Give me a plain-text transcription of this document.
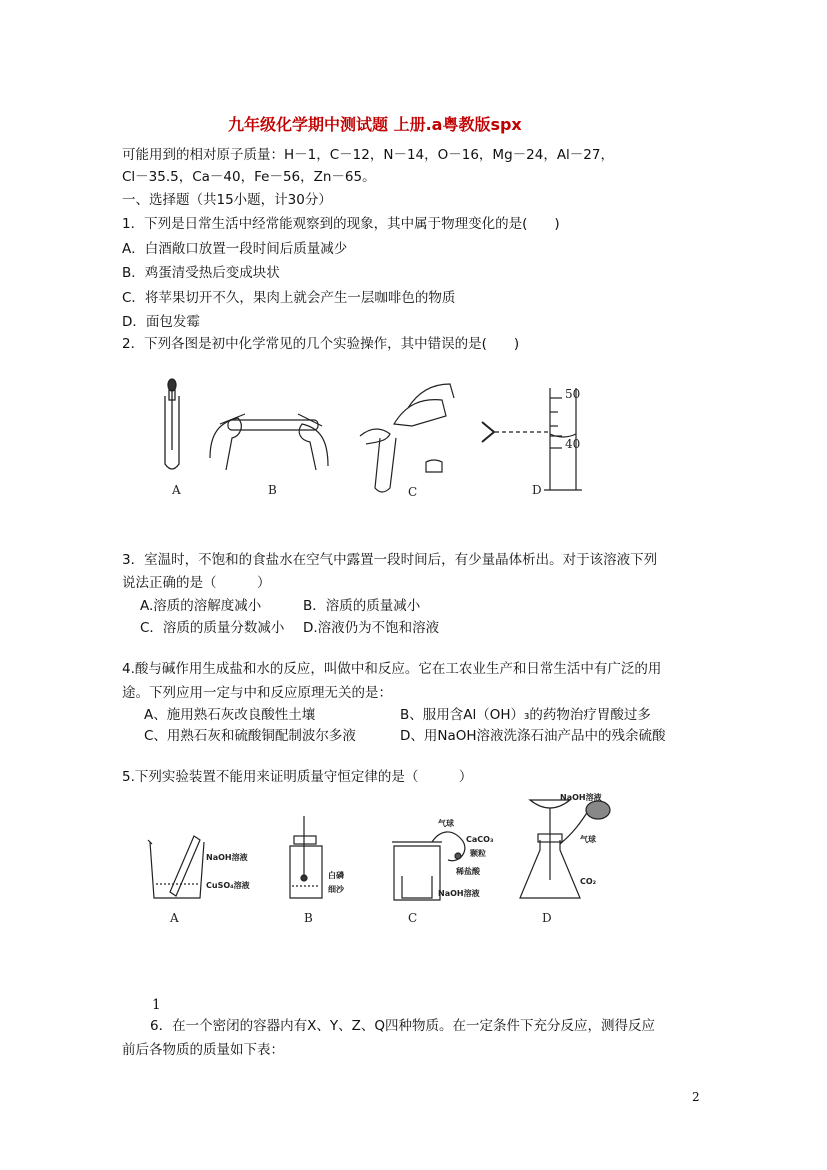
九年级化学期中测试题 上册.a粤教版spx
可能用到的相对原子质量：H－1，C－12，N－14，O－16，Mg－24，Al－27，
Cl－35.5，Ca－40，Fe－56，Zn－65。
一、选择题（共15小题，计30分）
1．下列是日常生活中经常能观察到的现象，其中属于物理变化的是(　　)
A．白酒敞口放置一段时间后质量减少
B．鸡蛋清受热后变成块状
C．将苹果切开不久，果肉上就会产生一层咖啡色的物质
D．面包发霉
2．下列各图是初中化学常见的几个实验操作，其中错误的是(　　)
50
40
A	B	C	D
3．室温时，不饱和的食盐水在空气中露置一段时间后，有少量晶体析出。对于该溶液下列
说法正确的是（　　　）
A.溶质的溶解度减小	B．溶质的质量减小
C．溶质的质量分数减小 D.溶液仍为不饱和溶液
4.酸与碱作用生成盐和水的反应，叫做中和反应。它在工农业生产和日常生活中有广泛的用
途。下列应用一定与中和反应原理无关的是：
A、施用熟石灰改良酸性土壤	B、服用含Al（OH）₃的药物治疗胃酸过多
C、用熟石灰和硫酸铜配制波尔多液	D、用NaOH溶液洗涤石油产品中的残余硫酸
5.下列实验装置不能用来证明质量守恒定律的是（　　　）
NaOH溶液
CuSO₄溶液
白磷
细沙
气球
CaCO₃
颗粒
稀盐酸
NaOH溶液
NaOH溶液
气球
CO₂
A	B	C	D
1
6．在一个密闭的容器内有X、Y、Z、Q四种物质。在一定条件下充分反应，测得反应
前后各物质的质量如下表：
2
